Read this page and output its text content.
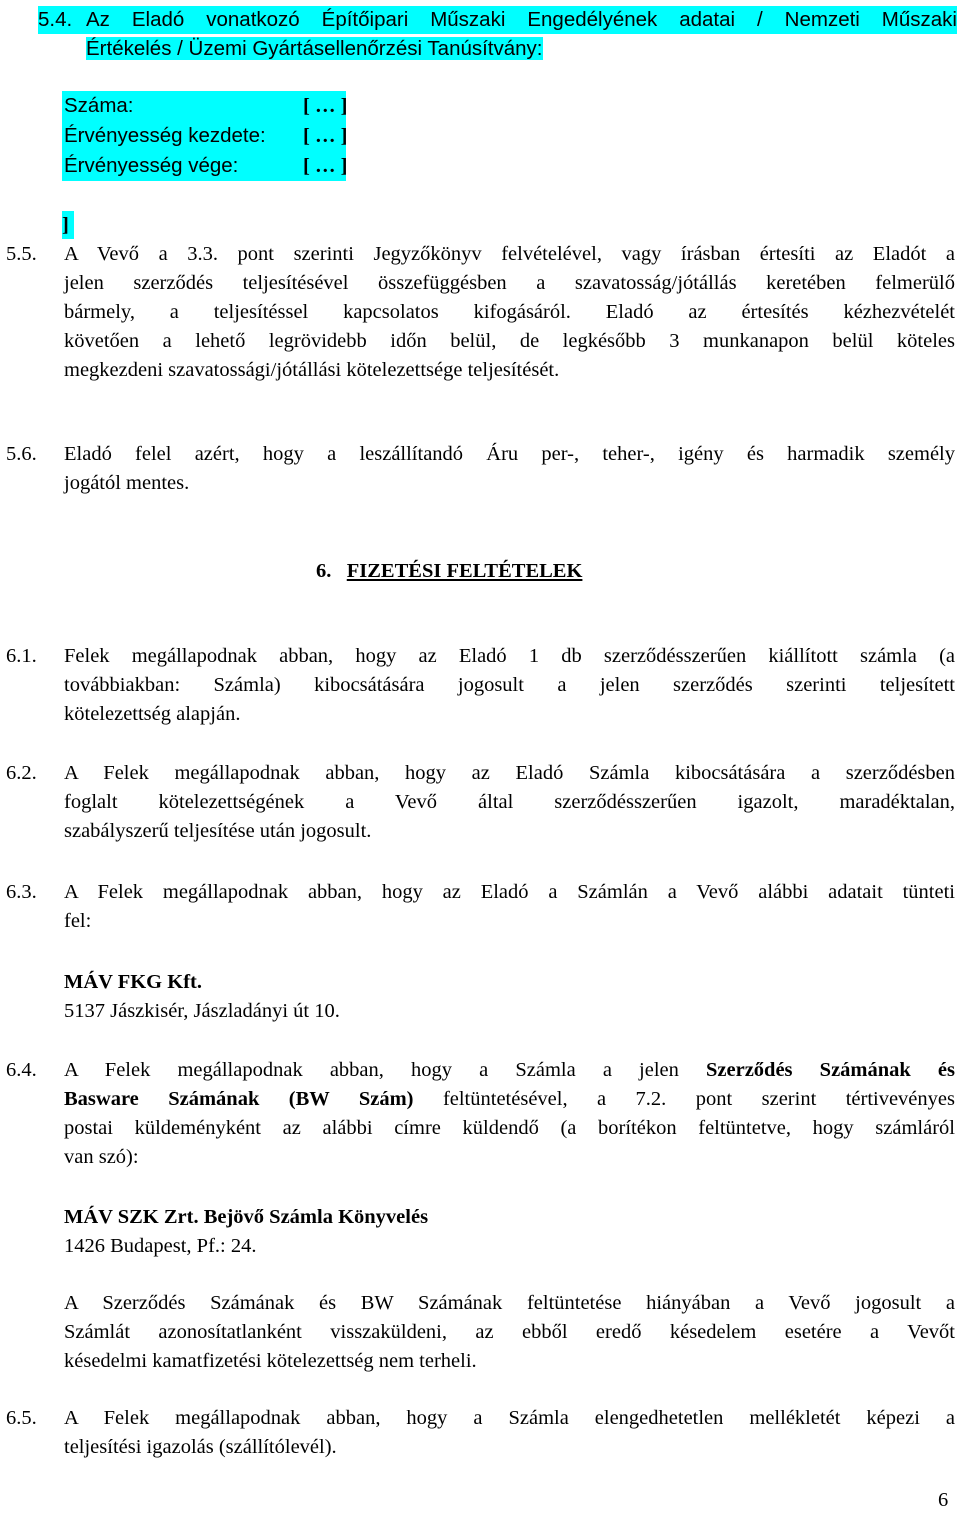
5.4. Az Eladó vonatkozó Építőipari Műszaki Engedélyének adatai / Nemzeti Műszaki
Értékelés / Üzemi Gyártásellenőrzési Tanúsítvány:
Száma:	[ … ]
Érvényesség kezdete: [ … ]
Érvényesség vége:	[ … ]
]
5.5.	A Vevő a 3.3. pont szerinti Jegyzőkönyv felvételével, vagy írásban értesíti az Eladót a
jelen szerződés teljesítésével összefüggésben a szavatosság/jótállás keretében felmerülő
bármely, a teljesítéssel kapcsolatos kifogásáról. Eladó az értesítés kézhezvételét
követően a lehető legrövidebb időn belül, de legkésőbb 3 munkanapon belül köteles
megkezdeni szavatossági/jótállási kötelezettsége teljesítését.
5.6.	Eladó felel azért, hogy a leszállítandó Áru per-, teher-, igény és harmadik személy
jogától mentes.
6. FIZETÉSI FELTÉTELEK
6.1.	Felek megállapodnak abban, hogy az Eladó 1 db szerződésszerűen kiállított számla (a
továbbiakban: Számla) kibocsátására jogosult a jelen szerződés szerinti teljesített
kötelezettség alapján.
6.2.	A Felek megállapodnak abban, hogy az Eladó Számla kibocsátására a szerződésben
foglalt kötelezettségének a Vevő által szerződésszerűen igazolt, maradéktalan,
szabályszerű teljesítése után jogosult.
6.3.	A Felek megállapodnak abban, hogy az Eladó a Számlán a Vevő alábbi adatait tünteti
fel:
MÁV FKG Kft.
5137 Jászkisér, Jászladányi út 10.
6.4.	A Felek megállapodnak abban, hogy a Számla a jelen Szerződés Számának és
Basware Számának (BW Szám) feltüntetésével, a 7.2. pont szerint tértivevényes
postai küldeményként az alábbi címre küldendő (a borítékon feltüntetve, hogy számláról
van szó):
MÁV SZK Zrt. Bejövő Számla Könyvelés
1426 Budapest, Pf.: 24.
A Szerződés Számának és BW Számának feltüntetése hiányában a Vevő jogosult a
Számlát azonosítatlanként visszaküldeni, az ebből eredő késedelem esetére a Vevőt
késedelmi kamatfizetési kötelezettség nem terheli.
6.5.	A Felek megállapodnak abban, hogy a Számla elengedhetetlen mellékletét képezi a
teljesítési igazolás (szállítólevél).
6
